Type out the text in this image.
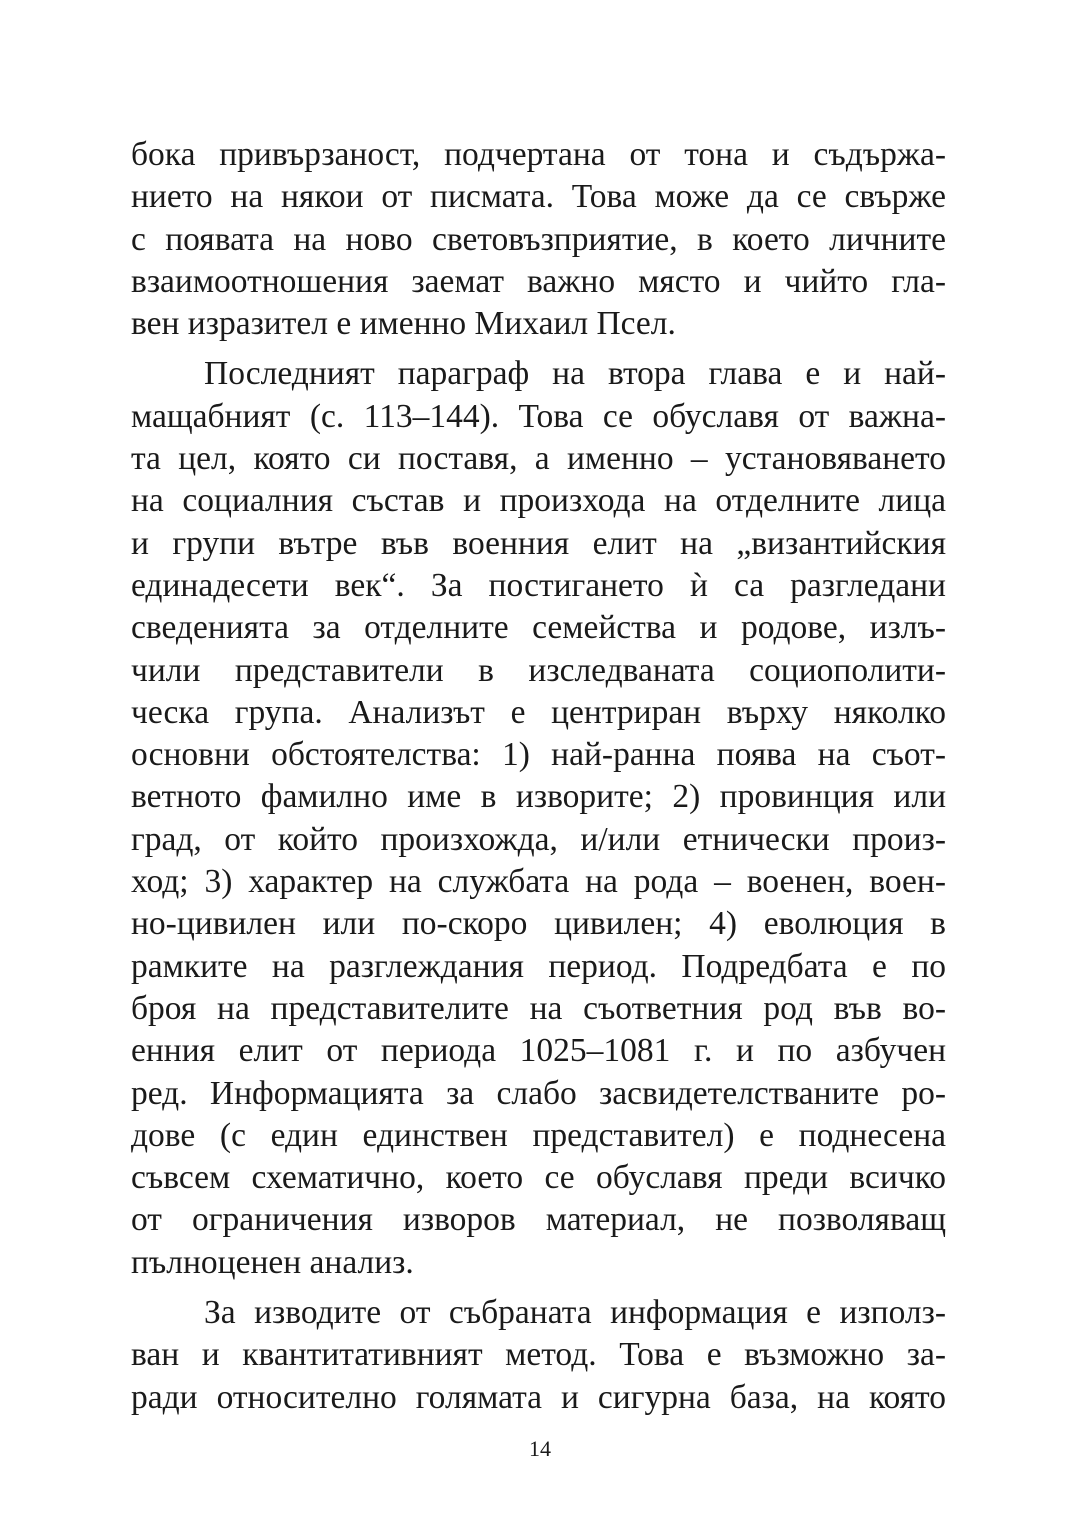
бока привързаност, подчертана от тона и съдържа-
нието на някои от писмата. Това може да се свърже
с появата на ново световъзприятие, в което личните
взаимоотношения заемат важно място и чийто гла-
вен изразител е именно Михаил Псел.
Последният параграф на втора глава е и най-
мащабният (с. 113–144). Това се обуславя от важна-
та цел, която си поставя, а именно – установяването
на социалния състав и произхода на отделните лица
и групи вътре във военния елит на „византийския
единадесети век“. За постигането ѝ са разгледани
сведенията за отделните семейства и родове, излъ-
чили представители в изследваната социополити-
ческа група. Анализът е центриран върху няколко
основни обстоятелства: 1) най-ранна поява на съот-
ветното фамилно име в изворите; 2) провинция или
град, от който произхожда, и/или етнически произ-
ход; 3) характер на службата на рода – военен, воен-
но-цивилен или по-скоро цивилен; 4) еволюция в
рамките на разглеждания период. Подредбата е по
броя на представителите на съответния род във во-
енния елит от периода 1025–1081 г. и по азбучен
ред. Информацията за слабо засвидетелстваните ро-
дове (с един единствен представител) е поднесена
съвсем схематично, което се обуславя преди всичко
от ограничения изворов материал, не позволяващ
пълноценен анализ.
За изводите от събраната информация е използ-
ван и квантитативният метод. Това е възможно за-
ради относително голямата и сигурна база, на която
14
